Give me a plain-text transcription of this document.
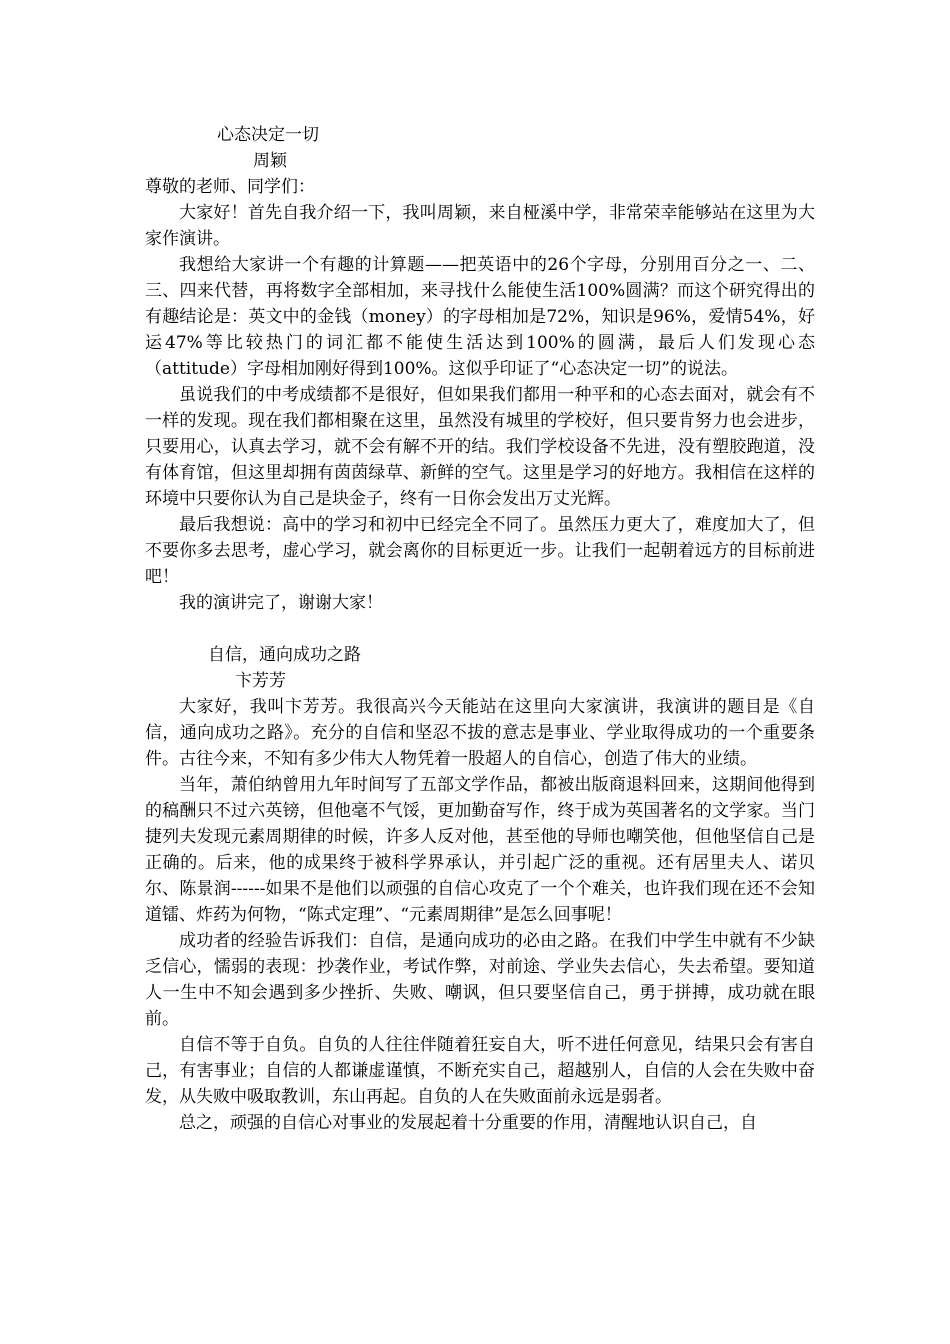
心态决定一切
周颖
尊敬的老师、同学们：
大家好！首先自我介绍一下，我叫周颖，来自桠溪中学，非常荣幸能够站在这里为大家作演讲。
我想给大家讲一个有趣的计算题——把英语中的26个字母，分别用百分之一、二、三、四来代替，再将数字全部相加，来寻找什么能使生活100%圆满？而这个研究得出的有趣结论是：英文中的金钱（money）的字母相加是72%，知识是96%，爱情54%，好运47%等比较热门的词汇都不能使生活达到100%的圆满，最后人们发现心态（attitude）字母相加刚好得到100%。这似乎印证了“心态决定一切”的说法。
虽说我们的中考成绩都不是很好，但如果我们都用一种平和的心态去面对，就会有不一样的发现。现在我们都相聚在这里，虽然没有城里的学校好，但只要肯努力也会进步，只要用心，认真去学习，就不会有解不开的结。我们学校设备不先进，没有塑胶跑道，没有体育馆，但这里却拥有茵茵绿草、新鲜的空气。这里是学习的好地方。我相信在这样的环境中只要你认为自己是块金子，终有一日你会发出万丈光辉。
最后我想说：高中的学习和初中已经完全不同了。虽然压力更大了，难度加大了，但不要你多去思考，虚心学习，就会离你的目标更近一步。让我们一起朝着远方的目标前进吧！
我的演讲完了，谢谢大家！
自信，通向成功之路
卞芳芳
大家好，我叫卞芳芳。我很高兴今天能站在这里向大家演讲，我演讲的题目是《自信，通向成功之路》。充分的自信和坚忍不拔的意志是事业、学业取得成功的一个重要条件。古往今来，不知有多少伟大人物凭着一股超人的自信心，创造了伟大的业绩。
当年，萧伯纳曾用九年时间写了五部文学作品，都被出版商退料回来，这期间他得到的稿酬只不过六英镑，但他毫不气馁，更加勤奋写作，终于成为英国著名的文学家。当门捷列夫发现元素周期律的时候，许多人反对他，甚至他的导师也嘲笑他，但他坚信自己是正确的。后来，他的成果终于被科学界承认，并引起广泛的重视。还有居里夫人、诺贝尔、陈景润------如果不是他们以顽强的自信心攻克了一个个难关，也许我们现在还不会知道镭、炸药为何物，“陈式定理”、“元素周期律”是怎么回事呢！
成功者的经验告诉我们：自信，是通向成功的必由之路。在我们中学生中就有不少缺乏信心，懦弱的表现：抄袭作业，考试作弊，对前途、学业失去信心，失去希望。要知道人一生中不知会遇到多少挫折、失败、嘲讽，但只要坚信自己，勇于拼搏，成功就在眼前。
自信不等于自负。自负的人往往伴随着狂妄自大，听不进任何意见，结果只会有害自己，有害事业；自信的人都谦虚谨慎，不断充实自己，超越别人，自信的人会在失败中奋发，从失败中吸取教训，东山再起。自负的人在失败面前永远是弱者。
总之，顽强的自信心对事业的发展起着十分重要的作用，清醒地认识自己，自
